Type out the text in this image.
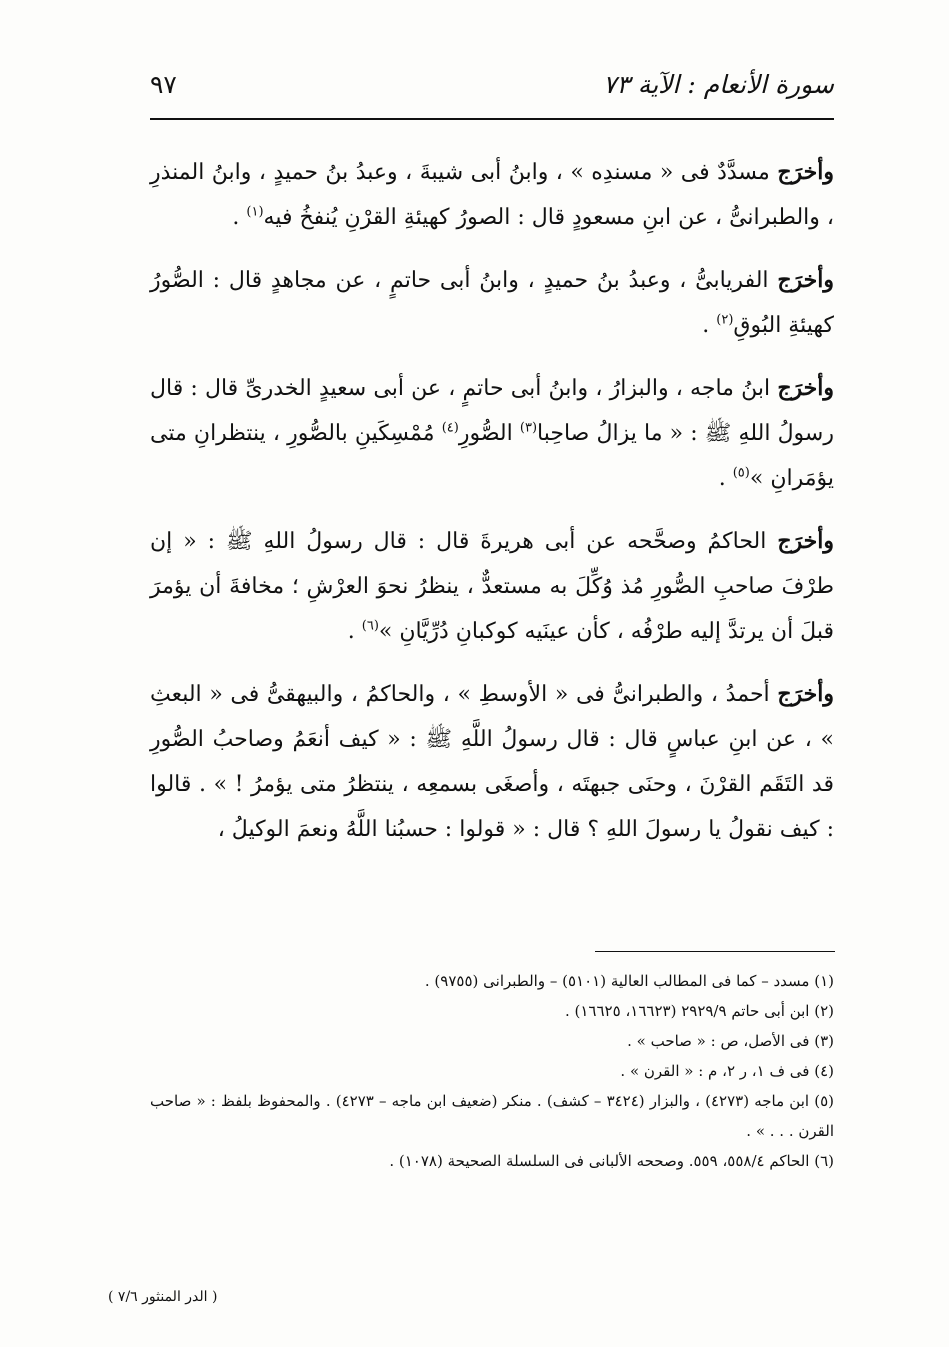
سورة الأنعام : الآية ٧٣
٩٧

وأخرَج مسدَّدٌ فى « مسندِه » ، وابنُ أبى شيبةَ ، وعبدُ بنُ حميدٍ ، وابنُ المنذرِ ، والطبرانىُّ ، عن ابنِ مسعودٍ قال : الصورُ كهيئةِ القرْنِ يُنفخُ فيه$^{(١)}$ .

وأخرَج الفريابىُّ ، وعبدُ بنُ حميدٍ ، وابنُ أبى حاتمٍ ، عن مجاهدٍ قال : الصُّورُ كهيئةِ البُوقِ$^{(٢)}$ .

وأخرَج ابنُ ماجه ، والبزارُ ، وابنُ أبى حاتمٍ ، عن أبى سعيدٍ الخدرىِّ قال : قال رسولُ اللهِ ﷺ : « ما يزالُ صاحِبا$^{(٣)}$ الصُّورِ$^{(٤)}$ مُمْسِكَينِ بالصُّورِ ، ينتظرانِ متى يؤمَرانِ »$^{(٥)}$ .

وأخرَج الحاكمُ وصحَّحه عن أبى هريرةَ قال : قال رسولُ اللهِ ﷺ : « إن طرْفَ صاحبِ الصُّورِ مُذ وُكِّلَ به مستعدٌّ ، ينظرُ نحوَ العرْشِ ؛ مخافةَ أن يؤمرَ قبلَ أن يرتدَّ إليه طرْفُه ، كأن عينَيه كوكبانِ دُرِّيَّانِ »$^{(٦)}$ .

وأخرَج أحمدُ ، والطبرانىُّ فى « الأوسطِ » ، والحاكمُ ، والبيهقىُّ فى « البعثِ » ، عن ابنِ عباسٍ قال : قال رسولُ اللَّهِ ﷺ : « كيف أنعَمُ وصاحبُ الصُّورِ قد التَقَم القرْنَ ، وحنَى جبهتَه ، وأصغَى بسمعِه ، ينتظرُ متى يؤمرُ ! » . قالوا : كيف نقولُ يا رسولَ اللهِ ؟ قال : « قولوا : حسبُنا اللَّهُ ونعمَ الوكيلُ ،

(١) مسدد – كما فى المطالب العالية (٥١٠١) – والطبرانى (٩٧٥٥) .

(٢) ابن أبى حاتم ٢٩٢٩/٩ (١٦٦٢٣، ١٦٦٢٥) .

(٣) فى الأصل، ص : « صاحب » .

(٤) فى ف ١، ر ٢، م : « القرن » .

(٥) ابن ماجه (٤٢٧٣) ، والبزار (٣٤٢٤ – كشف) . منكر (ضعيف ابن ماجه – ٤٢٧٣) . والمحفوظ بلفظ : « صاحب القرن . . . » .

(٦) الحاكم ٥٥٨/٤، ٥٥٩. وصححه الألبانى فى السلسلة الصحيحة (١٠٧٨) .

( الدر المنثور ٧/٦ )
